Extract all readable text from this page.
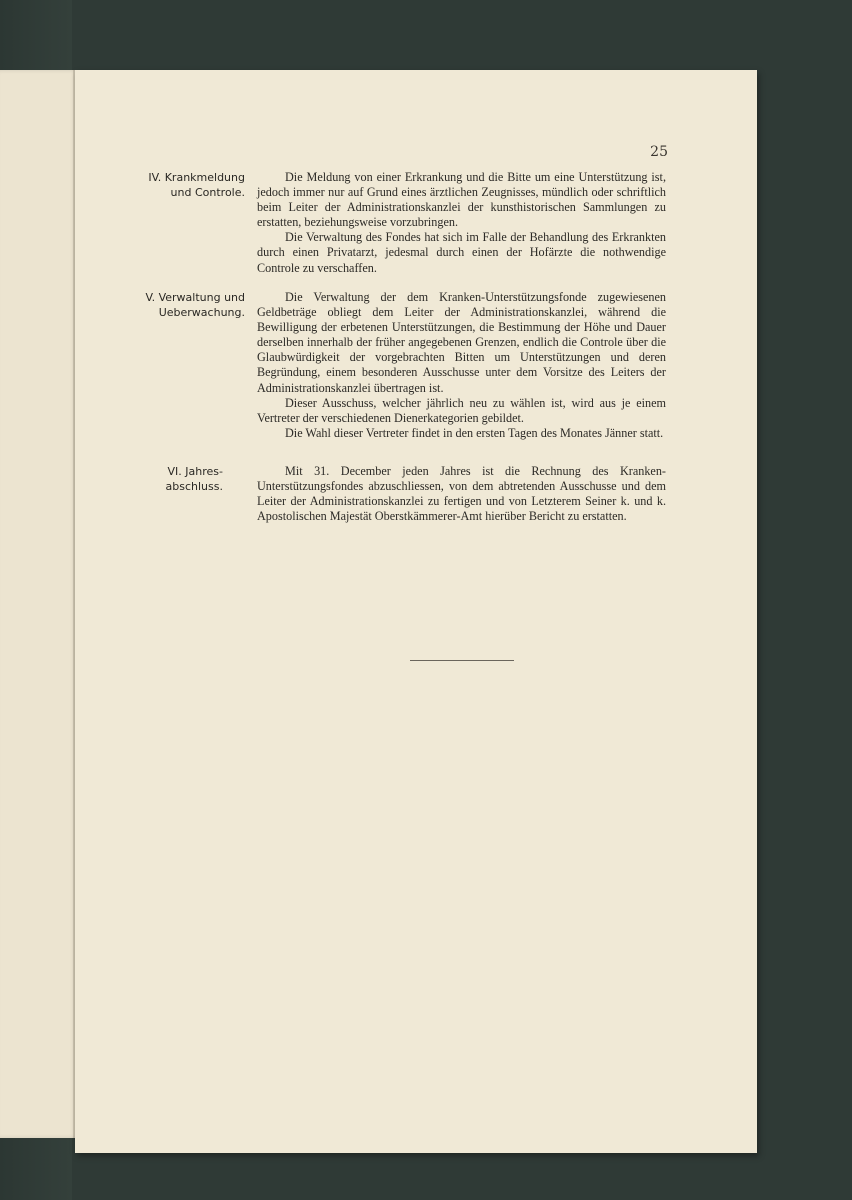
25
IV. Krankmeldung
und Controle.

Die Meldung von einer Erkrankung und die Bitte um eine Unterstützung ist, jedoch immer nur auf Grund eines ärztlichen Zeugnisses, mündlich oder schriftlich beim Leiter der Administrationskanzlei der kunsthistorischen Sammlungen zu erstatten, beziehungsweise vorzubringen.

Die Verwaltung des Fondes hat sich im Falle der Behandlung des Erkrankten durch einen Privatarzt, jedesmal durch einen der Hofärzte die nothwendige Controle zu verschaffen.

V. Verwaltung und
Ueberwachung.

Die Verwaltung der dem Kranken-Unterstützungsfonde zugewiesenen Geldbeträge obliegt dem Leiter der Administrationskanzlei, während die Bewilligung der erbetenen Unterstützungen, die Bestimmung der Höhe und Dauer derselben innerhalb der früher angegebenen Grenzen, endlich die Controle über die Glaubwürdigkeit der vorgebrachten Bitten um Unterstützungen und deren Begründung, einem besonderen Ausschusse unter dem Vorsitze des Leiters der Administrationskanzlei übertragen ist.

Dieser Ausschuss, welcher jährlich neu zu wählen ist, wird aus je einem Vertreter der verschiedenen Dienerkategorien gebildet.

Die Wahl dieser Vertreter findet in den ersten Tagen des Monates Jänner statt.

VI. Jahres-
abschluss.

Mit 31. December jeden Jahres ist die Rechnung des Kranken-Unterstützungsfondes abzuschliessen, von dem abtretenden Ausschusse und dem Leiter der Administrationskanzlei zu fertigen und von Letzterem Seiner k. und k. Apostolischen Majestät Oberstkämmerer-Amt hierüber Bericht zu erstatten.
